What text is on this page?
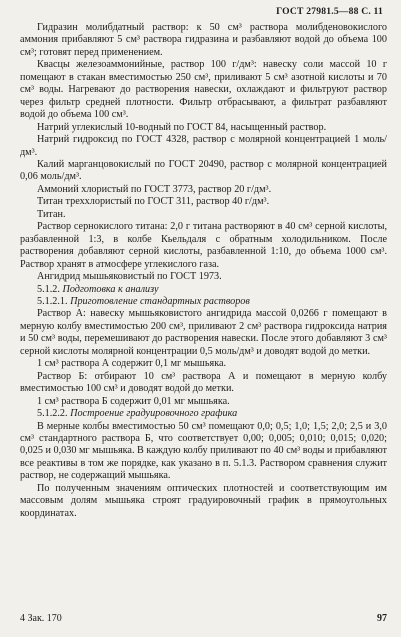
ГОСТ 27981.5—88 С. 11

Гидразин молибдатный раствор: к 50 см³ раствора молибденовокислого аммония прибавляют 5 см³ раствора гидразина и разбавляют водой до объема 100 см³; готовят перед применением.

Квасцы железоаммонийные, раствор 100 г/дм³: навеску соли массой 10 г помещают в стакан вместимостью 250 см³, приливают 5 см³ азотной кислоты и 70 см³ воды. Нагревают до растворения навески, охлаждают и фильтруют раствор через фильтр средней плотности. Фильтр отбрасывают, а фильтрат разбавляют водой до объема 100 см³.

Натрий углекислый 10-водный по ГОСТ 84, насыщенный раствор.

Натрий гидроксид по ГОСТ 4328, раствор с молярной концентрацией 1 моль/дм³.

Калий марганцовокислый по ГОСТ 20490, раствор с молярной концентрацией 0,06 моль/дм³.

Аммоний хлористый по ГОСТ 3773, раствор 20 г/дм³.

Титан треххлористый по ГОСТ 311, раствор 40 г/дм³.

Титан.

Раствор сернокислого титана: 2,0 г титана растворяют в 40 см³ серной кислоты, разбавленной 1:3, в колбе Кьельдаля с обратным холодильником. После растворения добавляют серной кислоты, разбавленной 1:10, до объема 1000 см³. Раствор хранят в атмосфере углекислого газа.

Ангидрид мышьяковистый по ГОСТ 1973.

5.1.2. Подготовка к анализу

5.1.2.1. Приготовление стандартных растворов

Раствор А: навеску мышьяковистого ангидрида массой 0,0266 г помещают в мерную колбу вместимостью 200 см³, приливают 2 см³ раствора гидроксида натрия и 50 см³ воды, перемешивают до растворения навески. После этого добавляют 3 см³ серной кислоты молярной концентрации 0,5 моль/дм³ и доводят водой до метки.

1 см³ раствора А содержит 0,1 мг мышьяка.

Раствор Б: отбирают 10 см³ раствора А и помещают в мерную колбу вместимостью 100 см³ и доводят водой до метки.

1 см³ раствора Б содержит 0,01 мг мышьяка.

5.1.2.2. Построение градуировочного графика

В мерные колбы вместимостью 50 см³ помещают 0,0; 0,5; 1,0; 1,5; 2,0; 2,5 и 3,0 см³ стандартного раствора Б, что соответствует 0,00; 0,005; 0,010; 0,015; 0,020; 0,025 и 0,030 мг мышьяка. В каждую колбу приливают по 40 см³ воды и прибавляют все реактивы в том же порядке, как указано в п. 5.1.3. Раствором сравнения служит раствор, не содержащий мышьяка.

По полученным значениям оптических плотностей и соответствующим им массовым долям мышьяка строят градуировочный график в прямоугольных координатах.

4 Зак. 170	97
